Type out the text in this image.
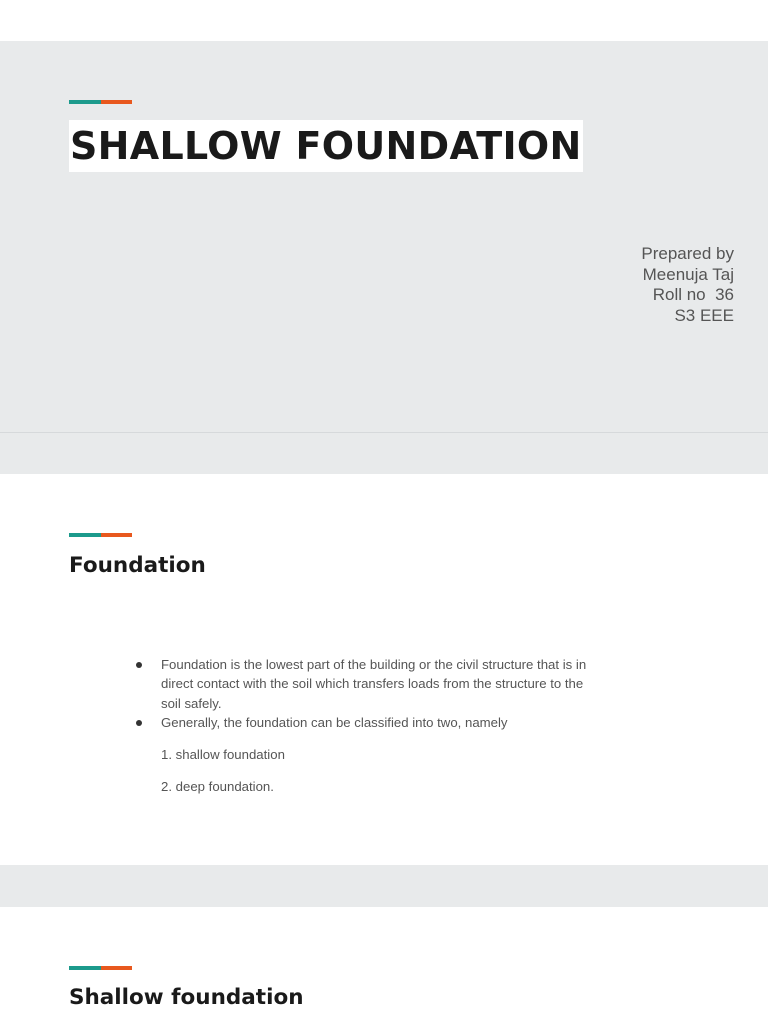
SHALLOW FOUNDATION
Prepared by
Meenuja Taj
Roll no  36
S3 EEE
Foundation
Foundation is the lowest part of the building or the civil structure that is in direct contact with the soil which transfers loads from the structure to the soil safely.
Generally, the foundation can be classified into two, namely
1. shallow foundation
2. deep foundation.
Shallow foundation
